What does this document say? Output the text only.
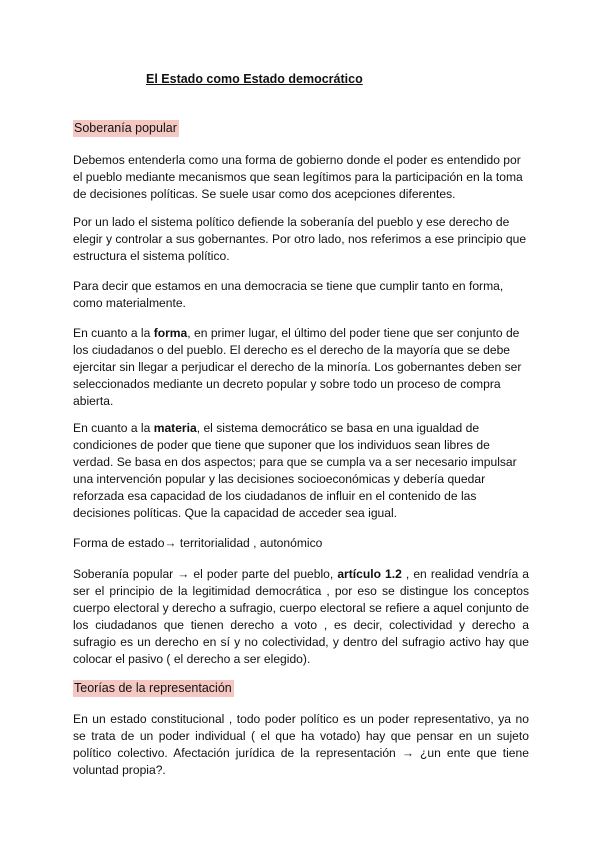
El Estado como Estado democrático

Soberanía popular

Debemos entenderla como una forma de gobierno donde el poder es entendido por el pueblo mediante mecanismos que sean legítimos para la participación en la toma de decisiones políticas. Se suele usar como dos acepciones diferentes.

Por un lado el sistema político defiende la soberanía del pueblo y ese derecho de elegir y controlar a sus gobernantes. Por otro lado, nos referimos a ese principio que estructura el sistema político.

Para decir que estamos en una democracia se tiene que cumplir tanto en forma, como materialmente.

En cuanto a la forma, en primer lugar, el último del poder tiene que ser conjunto de los ciudadanos o del pueblo. El derecho es el derecho de la mayoría que se debe ejercitar sin llegar a perjudicar el derecho de la minoría. Los gobernantes deben ser seleccionados mediante un decreto popular y sobre todo un proceso de compra abierta.

En cuanto a la materia, el sistema democrático se basa en una igualdad de condiciones de poder que tiene que suponer que los individuos sean libres de verdad. Se basa en dos aspectos; para que se cumpla va a ser necesario impulsar una intervención popular y las decisiones socioeconómicas y debería quedar reforzada esa capacidad de los ciudadanos de influir en el contenido de las decisiones políticas. Que la capacidad de acceder sea igual.

Forma de estado→ territorialidad , autonómico

Soberanía popular → el poder parte del pueblo, artículo 1.2 , en realidad vendría a ser el principio de la legitimidad democrática , por eso se distingue los conceptos cuerpo electoral y derecho a sufragio, cuerpo electoral se refiere a aquel conjunto de los ciudadanos que tienen derecho a voto , es decir, colectividad y derecho a sufragio es un derecho en sí y no colectividad, y dentro del sufragio activo hay que colocar el pasivo ( el derecho a ser elegido).

Teorías de la representación

En un estado constitucional , todo poder político es un poder representativo, ya no se trata de un poder individual ( el que ha votado) hay que pensar en un sujeto político colectivo. Afectación jurídica de la representación → ¿un ente que tiene voluntad propia?.
